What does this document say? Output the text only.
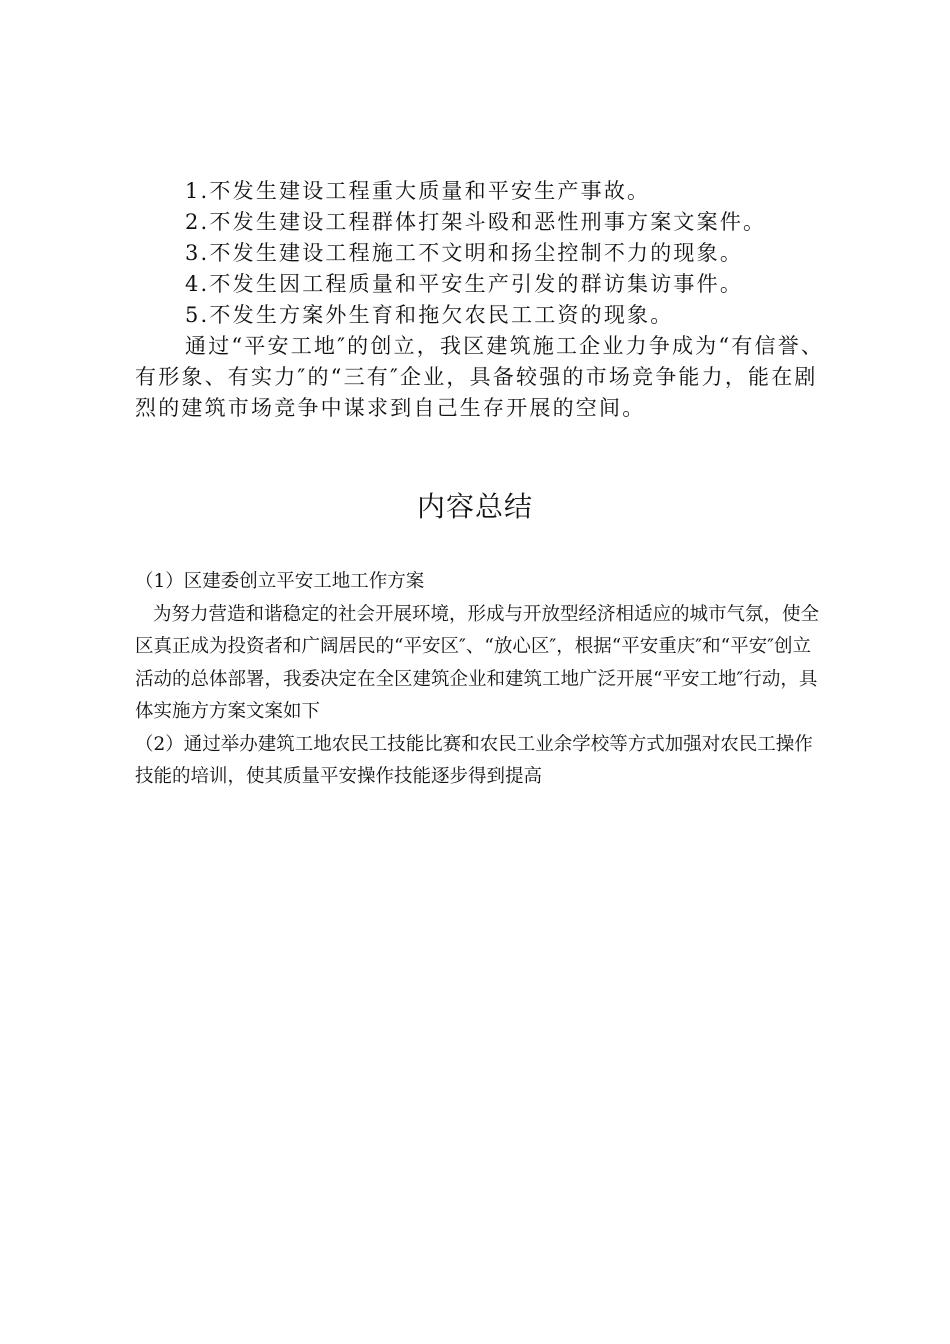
1.不发生建设工程重大质量和平安生产事故。

2.不发生建设工程群体打架斗殴和恶性刑事方案文案件。

3.不发生建设工程施工不文明和扬尘控制不力的现象。

4.不发生因工程质量和平安生产引发的群访集访事件。

5.不发生方案外生育和拖欠农民工工资的现象。

通过“平安工地″的创立，我区建筑施工企业力争成为“有信誉、有形象、有实力″的“三有″企业，具备较强的市场竞争能力，能在剧烈的建筑市场竞争中谋求到自己生存开展的空间。

内容总结

（1）区建委创立平安工地工作方案

为努力营造和谐稳定的社会开展环境，形成与开放型经济相适应的城市气氛，使全区真正成为投资者和广阔居民的“平安区″、“放心区″，根据“平安重庆″和“平安″创立活动的总体部署，我委决定在全区建筑企业和建筑工地广泛开展“平安工地″行动，具体实施方方案文案如下

（2）通过举办建筑工地农民工技能比赛和农民工业余学校等方式加强对农民工操作技能的培训，使其质量平安操作技能逐步得到提高
